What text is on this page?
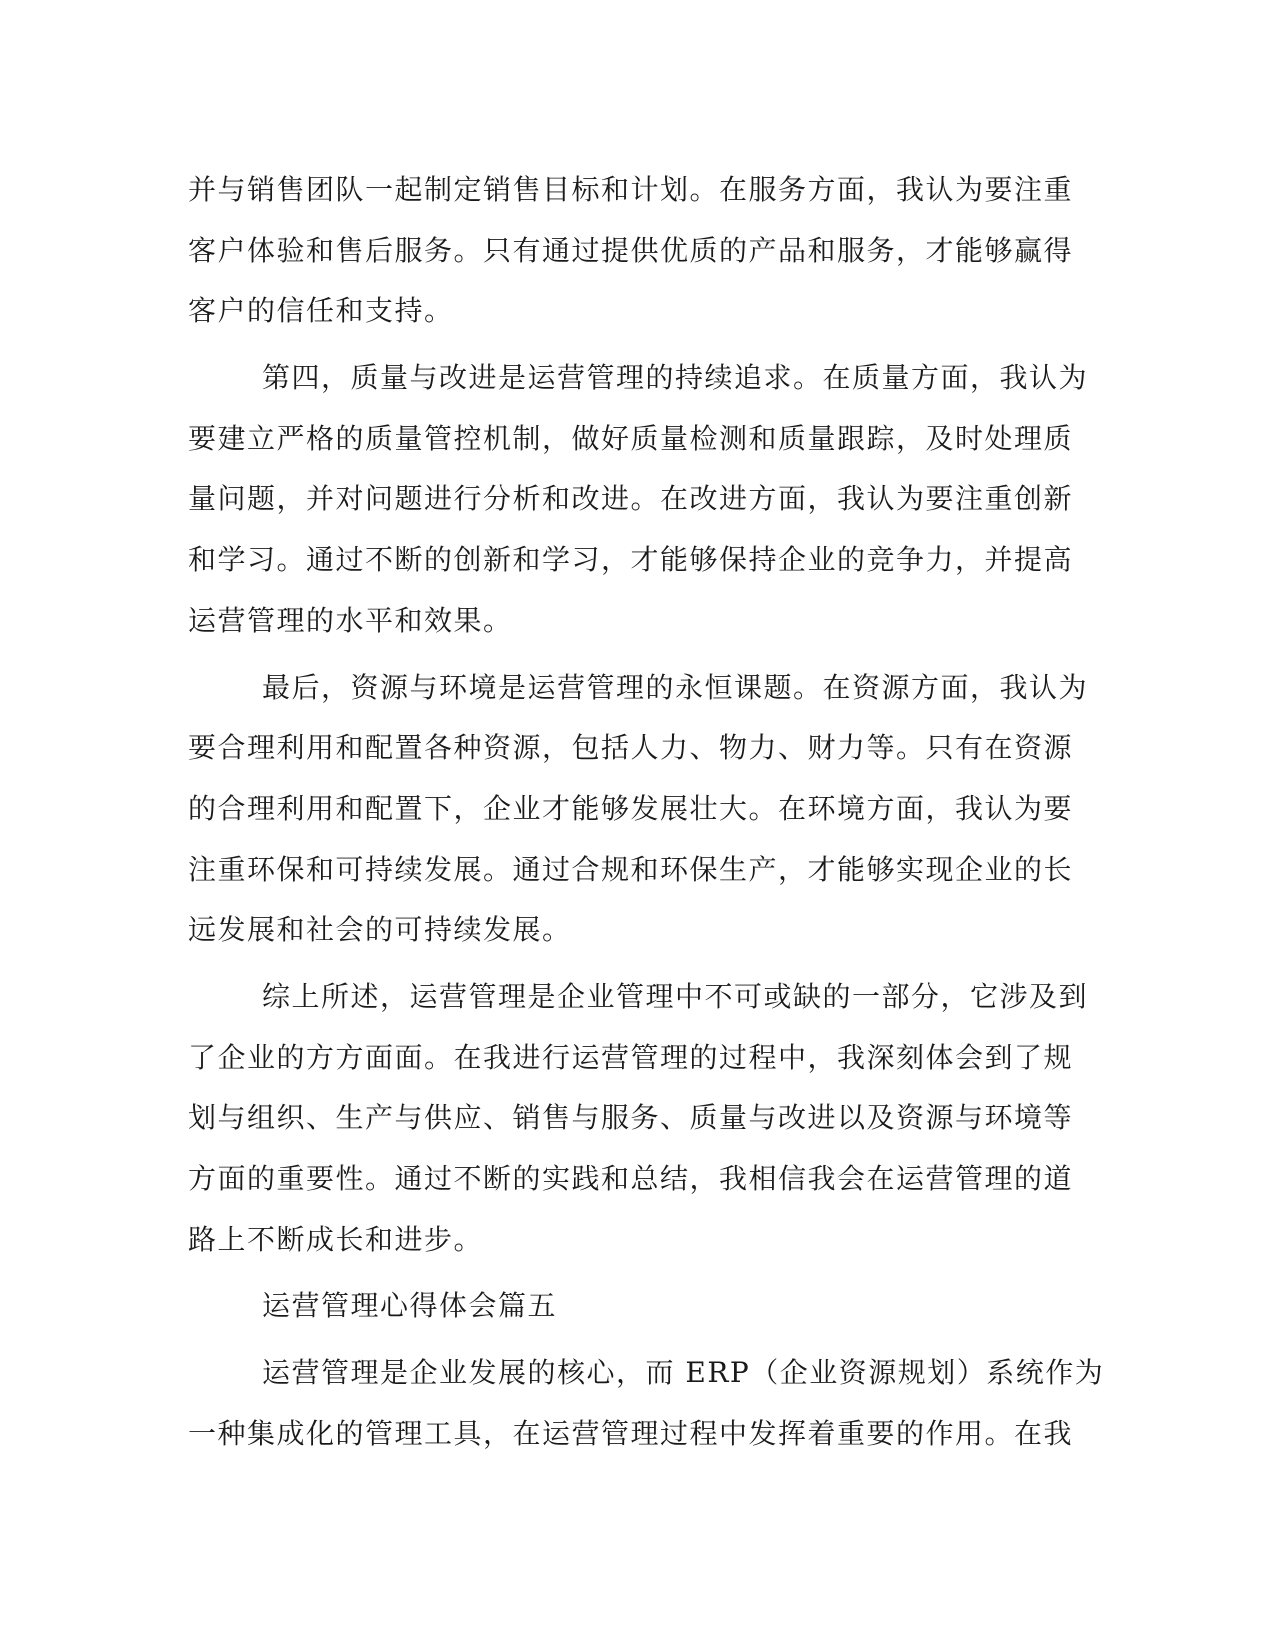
并与销售团队一起制定销售目标和计划。在服务方面，我认为要注重
客户体验和售后服务。只有通过提供优质的产品和服务，才能够赢得
客户的信任和支持。
第四，质量与改进是运营管理的持续追求。在质量方面，我认为
要建立严格的质量管控机制，做好质量检测和质量跟踪，及时处理质
量问题，并对问题进行分析和改进。在改进方面，我认为要注重创新
和学习。通过不断的创新和学习，才能够保持企业的竞争力，并提高
运营管理的水平和效果。
最后，资源与环境是运营管理的永恒课题。在资源方面，我认为
要合理利用和配置各种资源，包括人力、物力、财力等。只有在资源
的合理利用和配置下，企业才能够发展壮大。在环境方面，我认为要
注重环保和可持续发展。通过合规和环保生产，才能够实现企业的长
远发展和社会的可持续发展。
综上所述，运营管理是企业管理中不可或缺的一部分，它涉及到
了企业的方方面面。在我进行运营管理的过程中，我深刻体会到了规
划与组织、生产与供应、销售与服务、质量与改进以及资源与环境等
方面的重要性。通过不断的实践和总结，我相信我会在运营管理的道
路上不断成长和进步。
运营管理心得体会篇五
运营管理是企业发展的核心，而 ERP（企业资源规划）系统作为
一种集成化的管理工具，在运营管理过程中发挥着重要的作用。在我
